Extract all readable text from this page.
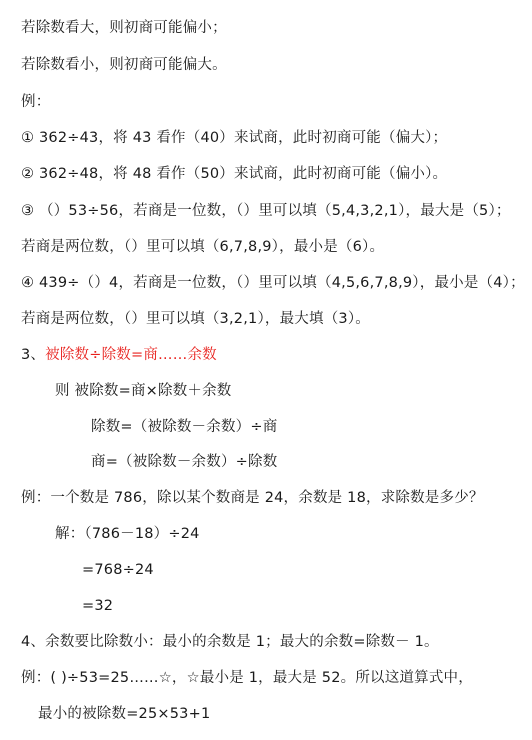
若除数看大，则初商可能偏小；
若除数看小，则初商可能偏大。
例：
① 362÷43，将 43 看作（40）来试商，此时初商可能（偏大）；
② 362÷48，将 48 看作（50）来试商，此时初商可能（偏小）。
③ （）53÷56，若商是一位数，（）里可以填（5,4,3,2,1），最大是（5）；
若商是两位数，（）里可以填（6,7,8,9），最小是（6）。
④ 439÷（）4，若商是一位数，（）里可以填（4,5,6,7,8,9），最小是（4）；
若商是两位数，（）里可以填（3,2,1），最大填（3）。
3、被除数÷除数=商……余数
则 被除数=商×除数＋余数
除数=（被除数－余数）÷商
商=（被除数－余数）÷除数
例：一个数是 786，除以某个数商是 24，余数是 18，求除数是多少？
解：（786－18）÷24
=768÷24
=32
4、余数要比除数小：最小的余数是 1；最大的余数=除数－ 1。
例：( )÷53=25……☆，☆最小是 1，最大是 52。所以这道算式中，
最小的被除数=25×53+1
